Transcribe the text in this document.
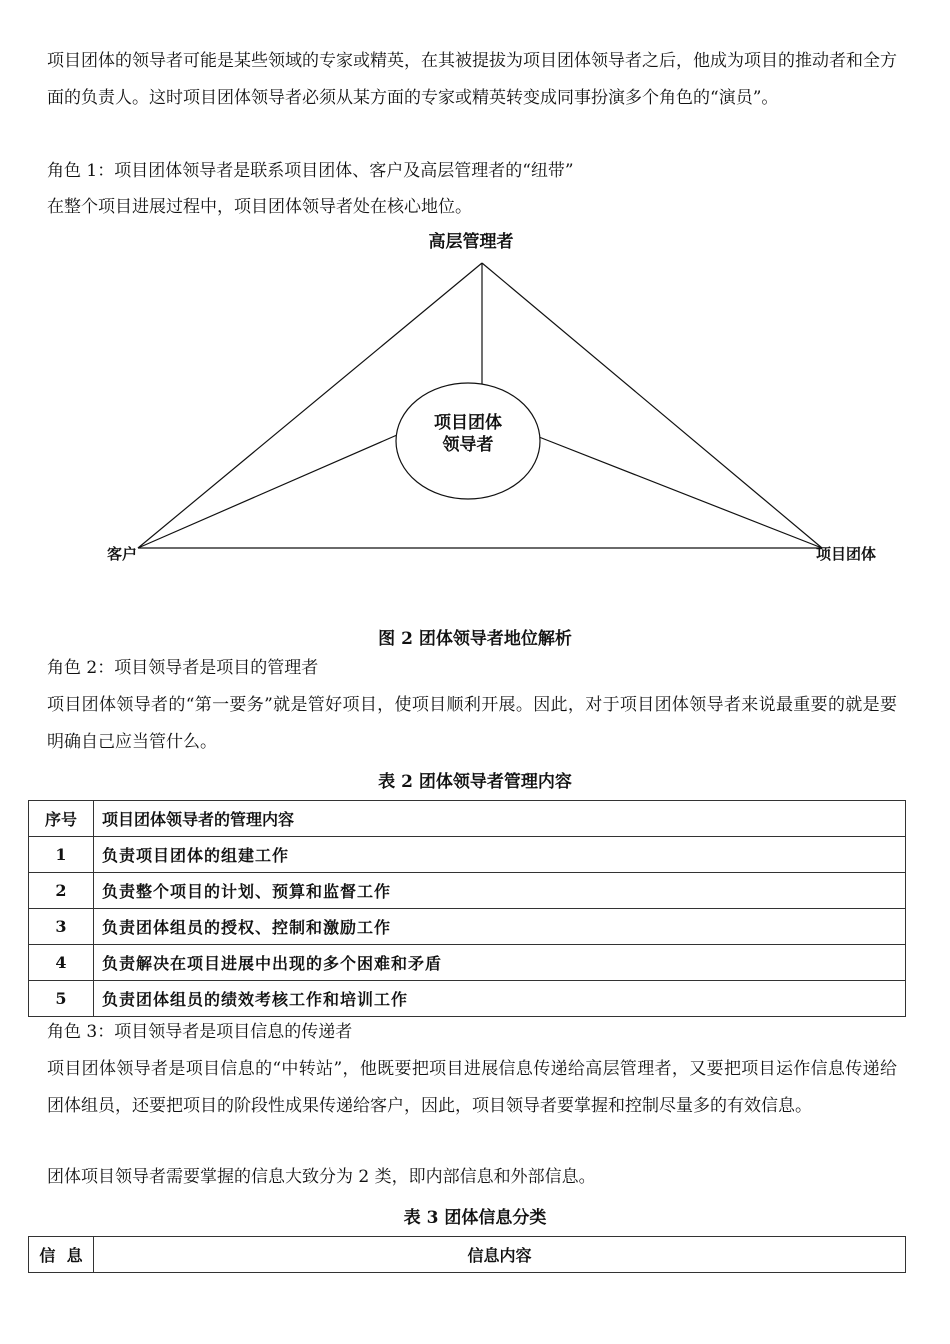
项目团体的领导者可能是某些领域的专家或精英，在其被提拔为项目团体领导者之后，他成为项目的推动者和全方面的负责人。这时项目团体领导者必须从某方面的专家或精英转变成同事扮演多个角色的“演员”。

角色 1：项目团体领导者是联系项目团体、客户及高层管理者的“纽带”

在整个项目进展过程中，项目团体领导者处在核心地位。

高层管理者
项目团体
领导者
客户	项目团体

图 2 团体领导者地位解析

角色 2：项目领导者是项目的管理者

项目团体领导者的“第一要务”就是管好项目，使项目顺利开展。因此，对于项目团体领导者来说最重要的就是要明确自己应当管什么。

表 2 团体领导者管理内容

序号	项目团体领导者的管理内容
1	负责项目团体的组建工作
2	负责整个项目的计划、预算和监督工作
3	负责团体组员的授权、控制和激励工作
4	负责解决在项目进展中出现的多个困难和矛盾
5	负责团体组员的绩效考核工作和培训工作

角色 3：项目领导者是项目信息的传递者

项目团体领导者是项目信息的“中转站”，他既要把项目进展信息传递给高层管理者，又要把项目运作信息传递给团体组员，还要把项目的阶段性成果传递给客户，因此，项目领导者要掌握和控制尽量多的有效信息。

团体项目领导者需要掌握的信息大致分为 2 类，即内部信息和外部信息。

表 3 团体信息分类

信  息	信息内容
